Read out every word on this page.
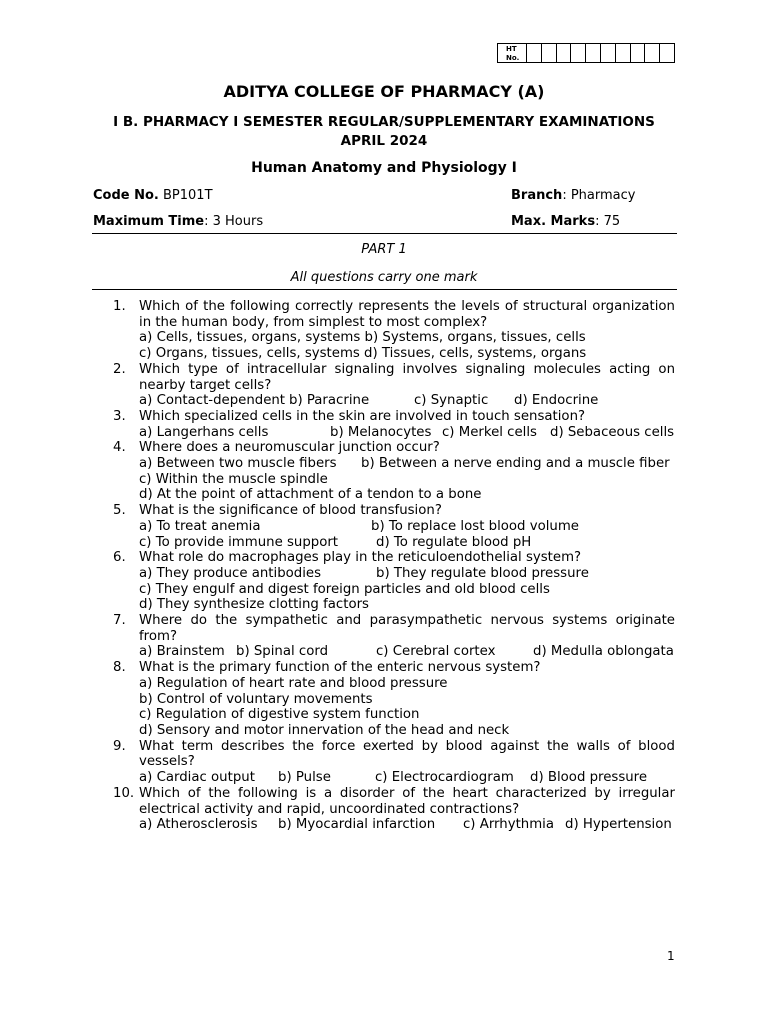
HT
No.
ADITYA COLLEGE OF PHARMACY (A)
I B. PHARMACY I SEMESTER REGULAR/SUPPLEMENTARY EXAMINATIONS
APRIL 2024
Human Anatomy and Physiology I
Code No. BP101T	Branch: Pharmacy
Maximum Time: 3 Hours	Max. Marks: 75
PART 1
All questions carry one mark
1.	Which of the following correctly represents the levels of structural organization in the human body, from simplest to most complex?
a) Cells, tissues, organs, systems b) Systems, organs, tissues, cells
c) Organs, tissues, cells, systems d) Tissues, cells, systems, organs
2.	Which type of intracellular signaling involves signaling molecules acting on nearby target cells?
a) Contact-dependent b) Paracrine	c) Synaptic	d) Endocrine
3.	Which specialized cells in the skin are involved in touch sensation?
a) Langerhans cells	b) Melanocytes c) Merkel cells d) Sebaceous cells
4.	Where does a neuromuscular junction occur?
a) Between two muscle fibers	b) Between a nerve ending and a muscle fiber
c) Within the muscle spindle
d) At the point of attachment of a tendon to a bone
5.	What is the significance of blood transfusion?
a) To treat anemia	b) To replace lost blood volume
c) To provide immune support	d) To regulate blood pH
6.	What role do macrophages play in the reticuloendothelial system?
a) They produce antibodies	b) They regulate blood pressure
c) They engulf and digest foreign particles and old blood cells
d) They synthesize clotting factors
7.	Where do the sympathetic and parasympathetic nervous systems originate from?
a) Brainstem b) Spinal cord	c) Cerebral cortex	d) Medulla oblongata
8.	What is the primary function of the enteric nervous system?
a) Regulation of heart rate and blood pressure
b) Control of voluntary movements
c) Regulation of digestive system function
d) Sensory and motor innervation of the head and neck
9.	What term describes the force exerted by blood against the walls of blood vessels?
a) Cardiac output	b) Pulse	c) Electrocardiogram	d) Blood pressure
10. Which of the following is a disorder of the heart characterized by irregular electrical activity and rapid, uncoordinated contractions?
a) Atherosclerosis	b) Myocardial infarction	c) Arrhythmia d) Hypertension
1
